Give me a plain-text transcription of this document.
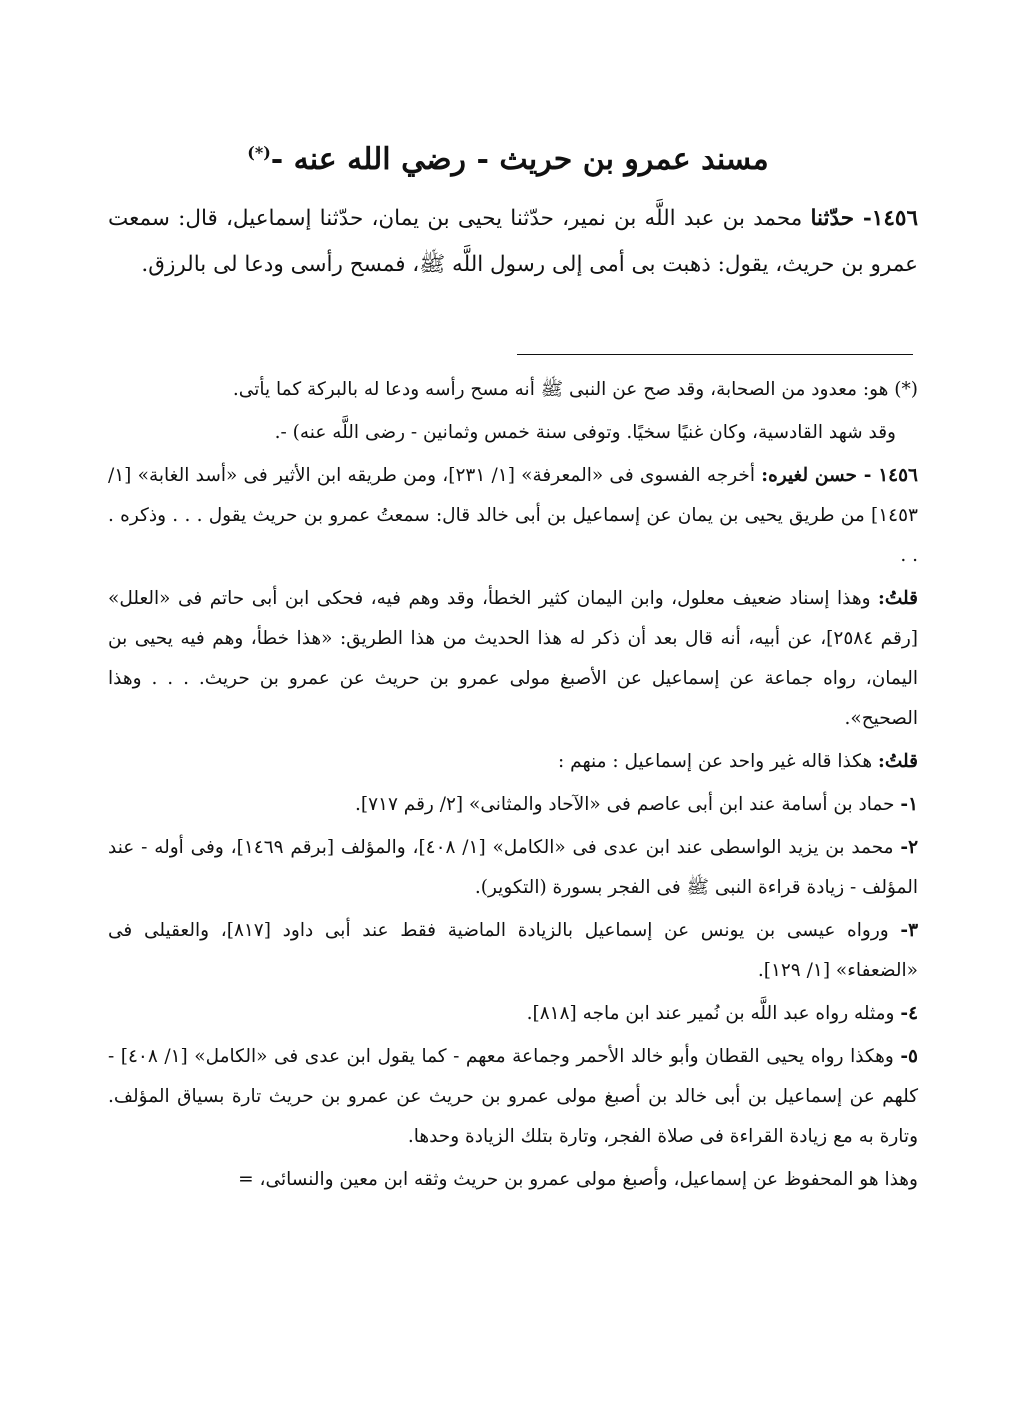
مسند عمرو بن حريث - رضي الله عنه -(*)

١٤٥٦- حدّثنا محمد بن عبد اللَّه بن نمير، حدّثنا يحيى بن يمان، حدّثنا إسماعيل، قال: سمعت عمرو بن حريث، يقول: ذهبت بى أمى إلى رسول اللَّه ﷺ، فمسح رأسى ودعا لى بالرزق.

(*) هو: معدود من الصحابة، وقد صح عن النبى ﷺ أنه مسح رأسه ودعا له بالبركة كما يأتى.

وقد شهد القادسية، وكان غنيًا سخيًا. وتوفى سنة خمس وثمانين - رضى اللَّه عنه) -.

١٤٥٦ - حسن لغيره: أخرجه الفسوى فى «المعرفة» [١/ ٢٣١]، ومن طريقه ابن الأثير فى «أسد الغابة» [١/ ١٤٥٣] من طريق يحيى بن يمان عن إسماعيل بن أبى خالد قال: سمعتُ عمرو بن حريث يقول . . . وذكره . . .

قلتُ: وهذا إسناد ضعيف معلول، وابن اليمان كثير الخطأ، وقد وهم فيه، فحكى ابن أبى حاتم فى «العلل» [رقم ٢٥٨٤]، عن أبيه، أنه قال بعد أن ذكر له هذا الحديث من هذا الطريق: «هذا خطأ، وهم فيه يحيى بن اليمان، رواه جماعة عن إسماعيل عن الأصبغ مولى عمرو بن حريث عن عمرو بن حريث. . . . وهذا الصحيح».

قلتُ: هكذا قاله غير واحد عن إسماعيل : منهم :

١- حماد بن أسامة عند ابن أبى عاصم فى «الآحاد والمثانى» [٢/ رقم ٧١٧].

٢- محمد بن يزيد الواسطى عند ابن عدى فى «الكامل» [١/ ٤٠٨]، والمؤلف [برقم ١٤٦٩]، وفى أوله - عند المؤلف - زيادة قراءة النبى ﷺ فى الفجر بسورة (التكوير).

٣- ورواه عيسى بن يونس عن إسماعيل بالزيادة الماضية فقط عند أبى داود [٨١٧]، والعقيلى فى «الضعفاء» [١/ ١٢٩].

٤- ومثله رواه عبد اللَّه بن نُمير عند ابن ماجه [٨١٨].

٥- وهكذا رواه يحيى القطان وأبو خالد الأحمر وجماعة معهم - كما يقول ابن عدى فى «الكامل» [١/ ٤٠٨] - كلهم عن إسماعيل بن أبى خالد بن أصبغ مولى عمرو بن حريث عن عمرو بن حريث تارة بسياق المؤلف. وتارة به مع زيادة القراءة فى صلاة الفجر، وتارة بتلك الزيادة وحدها.

وهذا هو المحفوظ عن إسماعيل، وأصبغ مولى عمرو بن حريث وثقه ابن معين والنسائى، =
